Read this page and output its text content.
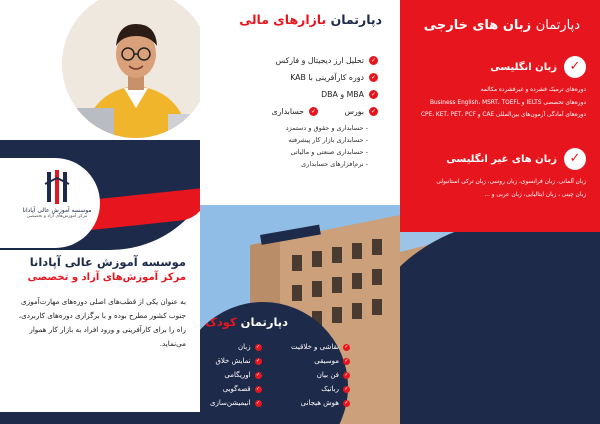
موسسه آموزش عالی آپادانا
مرکز آموزش‌های آزاد و تخصصی
موسسه آموزش عالی آپادانا
مرکز آموزش‌های آزاد و تخصصی
به عنوان یکی از قطب‌های اصلی دوره‌های مهارت‌آموزی جنوب کشور مطرح بوده و با برگزاری دوره‌های کاربردی، راه را برای کارآفرینی و ورود افراد به بازار کار هموار می‌نماید.
دپارتمان بازارهای مالی
✓
تحلیل ارز دیجیتال و فارکس
✓
دوره کارآفرینی با KAB
✓
MBA و DBA
✓
بورس
✓
حسابداری
- حسابداری و حقوق و دستمزد
- حسابداری بازار کار پیشرفته
- حسابداری صنعتی و مالیاتی
- نرم‌افزارهای حسابداری
دپارتمان کودک
✓
نقاشی و خلاقیت
✓
موسیقی
✓
فن بیان
✓
رباتیک
✓
هوش هیجانی
✓
زبان
✓
نمایش خلاق
✓
اوریگامی
✓
قصه‌گویی
✓
انیمیشن‌سازی
دپارتمان زبان های خارجی
✓
زبان انگلیسی
دوره‌های ترمیک فشرده و غیرفشرده مکالمه
دوره‌های تخصصی IELTS و Business English، MSRT، TOEFL
دوره‌های آمادگی آزمون‌های بین‌المللی CAE و CPE، KET، PET، PCF
✓
زبان های غیر انگلیسی
زبان آلمانی، زبان فرانسوی، زبان روسی، زبان ترکی استانبولی
زبان چینی ، زبان ایتالیایی، زبان عربی و ...
